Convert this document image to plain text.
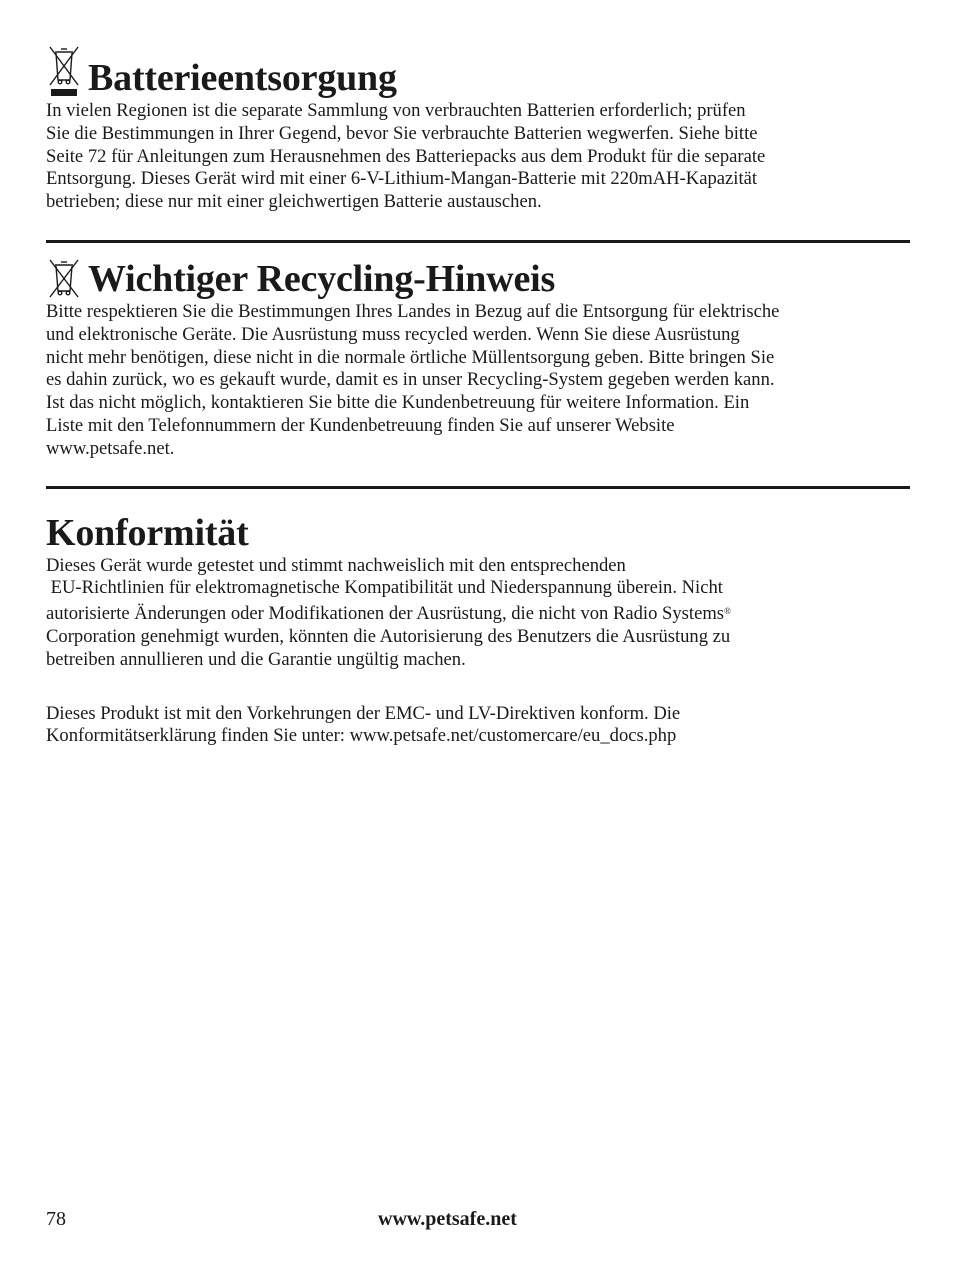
Batterieentsorgung

In vielen Regionen ist die separate Sammlung von verbrauchten Batterien erforderlich; prüfen
Sie die Bestimmungen in Ihrer Gegend, bevor Sie verbrauchte Batterien wegwerfen. Siehe bitte
Seite 72 für Anleitungen zum Herausnehmen des Batteriepacks aus dem Produkt für die separate
Entsorgung. Dieses Gerät wird mit einer 6-V-Lithium-Mangan-Batterie mit 220mAH-Kapazität
betrieben; diese nur mit einer gleichwertigen Batterie austauschen.

Wichtiger Recycling-Hinweis

Bitte respektieren Sie die Bestimmungen Ihres Landes in Bezug auf die Entsorgung für elektrische
und elektronische Geräte. Die Ausrüstung muss recycled werden. Wenn Sie diese Ausrüstung
nicht mehr benötigen, diese nicht in die normale örtliche Müllentsorgung geben. Bitte bringen Sie
es dahin zurück, wo es gekauft wurde, damit es in unser Recycling-System gegeben werden kann.
Ist das nicht möglich, kontaktieren Sie bitte die Kundenbetreuung für weitere Information. Ein
Liste mit den Telefonnummern der Kundenbetreuung finden Sie auf unserer Website
www.petsafe.net.

Konformität

Dieses Gerät wurde getestet und stimmt nachweislich mit den entsprechenden
EU-Richtlinien für elektromagnetische Kompatibilität und Niederspannung überein. Nicht
autorisierte Änderungen oder Modifikationen der Ausrüstung, die nicht von Radio Systems®
Corporation genehmigt wurden, könnten die Autorisierung des Benutzers die Ausrüstung zu
betreiben annullieren und die Garantie ungültig machen.

Dieses Produkt ist mit den Vorkehrungen der EMC- und LV-Direktiven konform. Die
Konformitätserklärung finden Sie unter: www.petsafe.net/customercare/eu_docs.php

78	www.petsafe.net
